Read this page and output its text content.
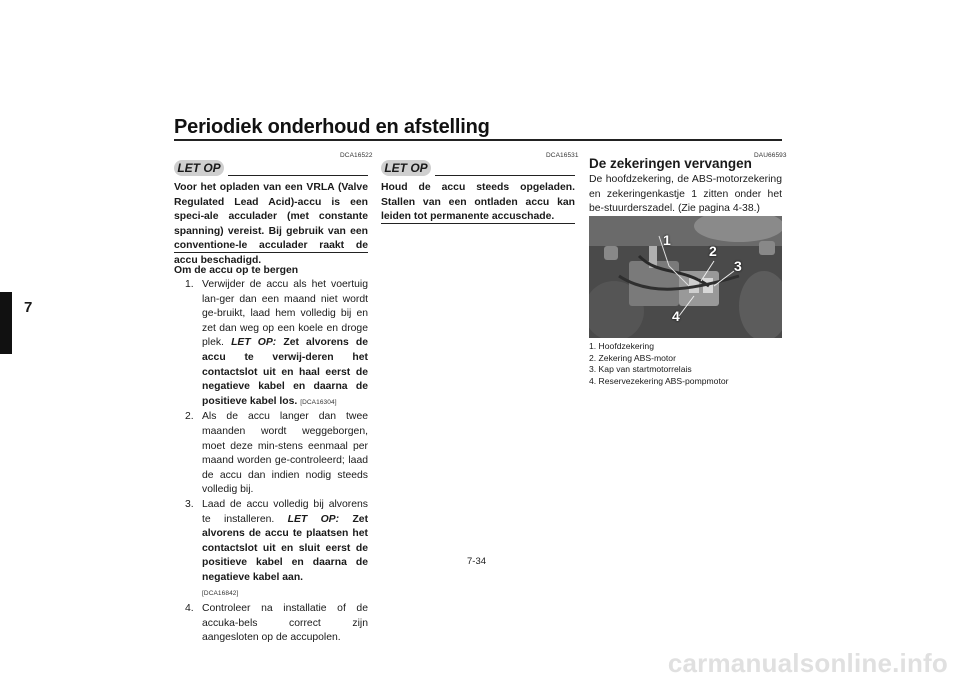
Periodiek onderhoud en afstelling
7
DCA16522
LET OP
Voor het opladen van een VRLA (Valve Regulated Lead Acid)-accu is een speci-ale acculader (met constante spanning) vereist. Bij gebruik van een conventione-le acculader raakt de accu beschadigd.
Om de accu op te bergen
1. Verwijder de accu als het voertuig lan-ger dan een maand niet wordt ge-bruikt, laad hem volledig bij en zet dan weg op een koele en droge plek. LET OP: Zet alvorens de accu te verwij-deren het contactslot uit en haal eerst de negatieve kabel en daarna de positieve kabel los. [DCA16304]
2. Als de accu langer dan twee maanden wordt weggeborgen, moet deze min-stens eenmaal per maand worden ge-controleerd; laad de accu dan indien nodig steeds volledig bij.
3. Laad de accu volledig bij alvorens te installeren. LET OP: Zet alvorens de accu te plaatsen het contactslot uit en sluit eerst de positieve kabel en daarna de negatieve kabel aan.
[DCA16842]
4. Controleer na installatie of de accuka-bels correct zijn aangesloten op de accupolen.
DCA16531
LET OP
Houd de accu steeds opgeladen. Stallen van een ontladen accu kan leiden tot permanente accuschade.
DAU66593
De zekeringen vervangen
De hoofdzekering, de ABS-motorzekering en zekeringenkastje 1 zitten onder het be-stuurderszadel. (Zie pagina 4-38.)
1
2
3
4
1. Hoofdzekering
2. Zekering ABS-motor
3. Kap van startmotorrelais
4. Reservezekering ABS-pompmotor
7-34
carmanualsonline.info
